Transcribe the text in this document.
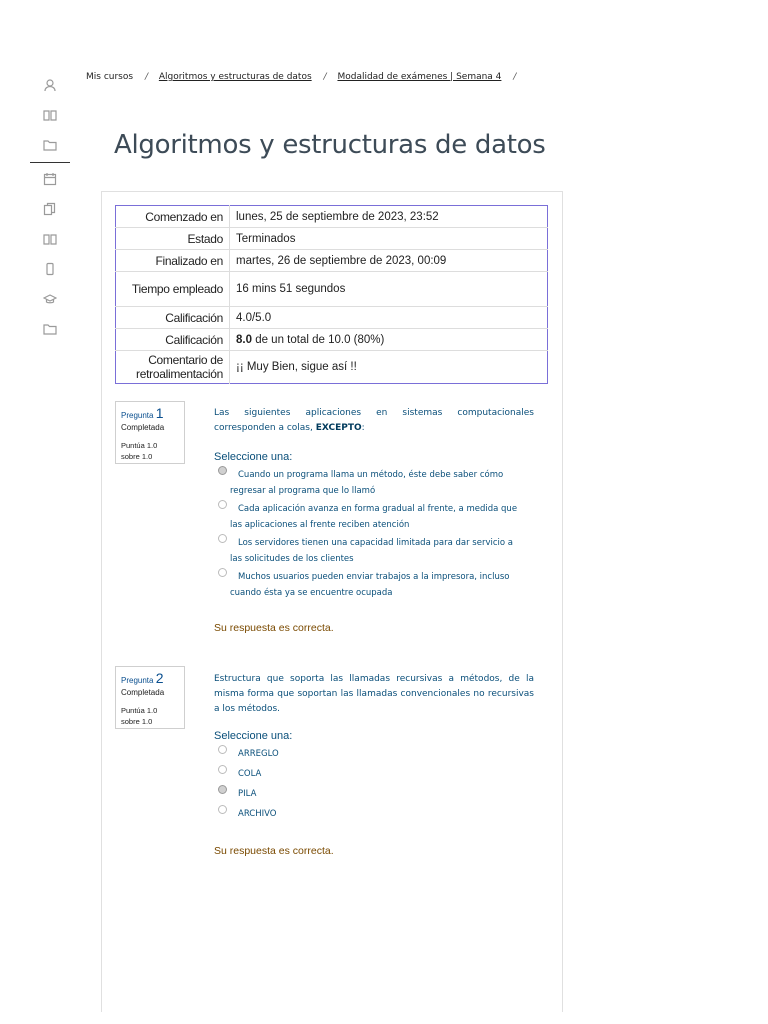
Mis cursos / Algoritmos y estructuras de datos / Modalidad de exámenes | Semana 4 /
Algoritmos y estructuras de datos
Comenzado en	lunes, 25 de septiembre de 2023, 23:52
Estado	Terminados
Finalizado en	martes, 26 de septiembre de 2023, 00:09
Tiempo empleado	16 mins 51 segundos
Calificación	4.0/5.0
Calificación	8.0 de un total de 10.0 (80%)
Comentario de retroalimentación	¡¡ Muy Bien, sigue así !!
Pregunta 1
Completada
Puntúa 1.0
sobre 1.0
Las siguientes aplicaciones en sistemas computacionales corresponden a colas, EXCEPTO:
Seleccione una:
Cuando un programa llama un método, éste debe saber cómo
regresar al programa que lo llamó
Cada aplicación avanza en forma gradual al frente, a medida que
las aplicaciones al frente reciben atención
Los servidores tienen una capacidad limitada para dar servicio a
las solicitudes de los clientes
Muchos usuarios pueden enviar trabajos a la impresora, incluso
cuando ésta ya se encuentre ocupada
Su respuesta es correcta.
Pregunta 2
Completada
Puntúa 1.0
sobre 1.0
Estructura que soporta las llamadas recursivas a métodos, de la misma forma que soportan las llamadas convencionales no recursivas a los métodos.
Seleccione una:
ARREGLO
COLA
PILA
ARCHIVO
Su respuesta es correcta.
